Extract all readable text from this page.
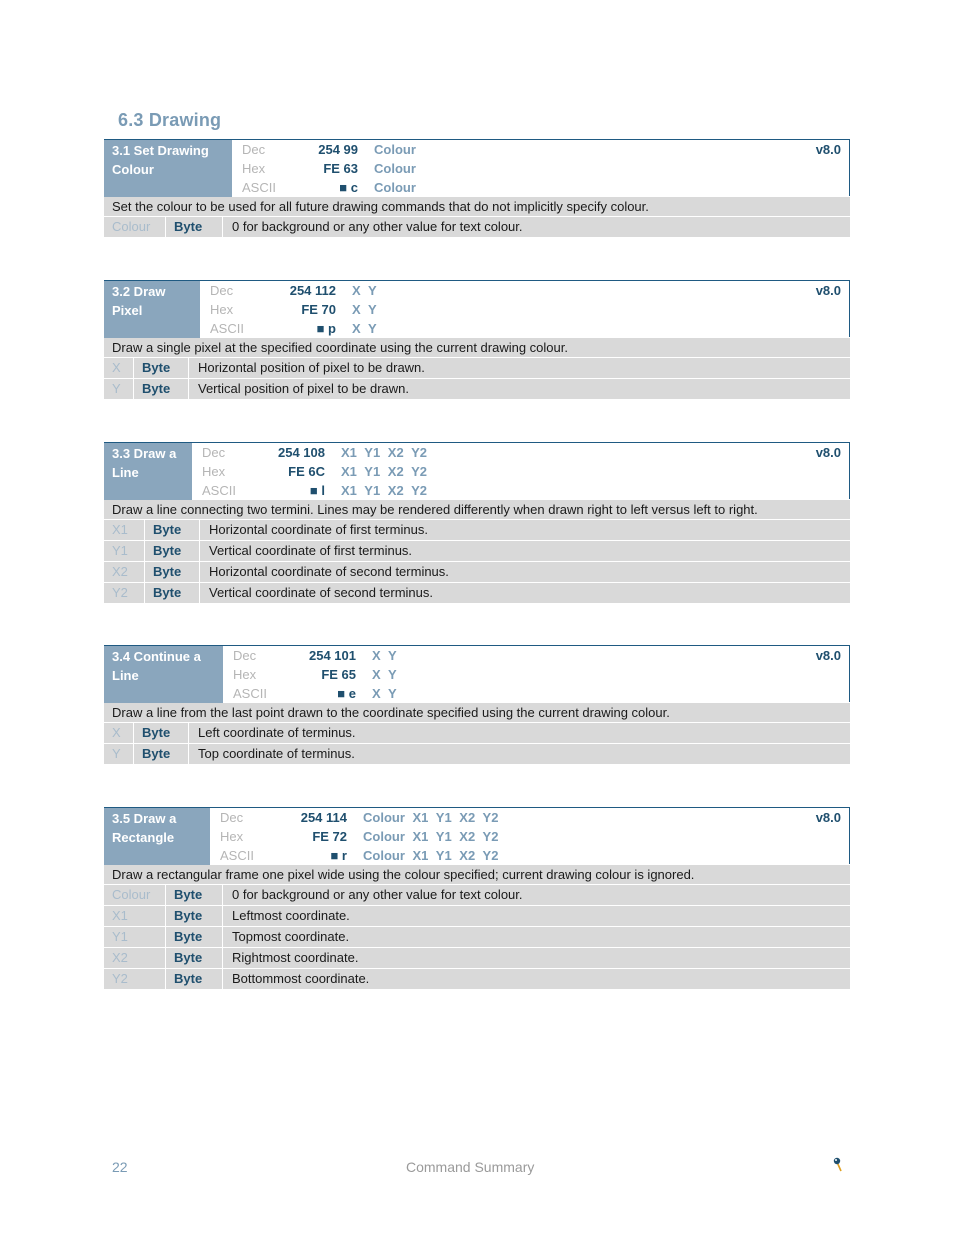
6.3 Drawing
3.1 Set Drawing
Colour
Dec	254 99	Colour
Hex	FE 63	Colour
ASCII	■ c	Colour
v8.0
Set the colour to be used for all future drawing commands that do not implicitly specify colour.
Colour	Byte	0 for background or any other value for text colour.
3.2 Draw
Pixel
Dec	254 112	X Y
Hex	FE 70	X Y
ASCII	■ p	X Y
v8.0
Draw a single pixel at the specified coordinate using the current drawing colour.
X	Byte	Horizontal position of pixel to be drawn.
Y	Byte	Vertical position of pixel to be drawn.
3.3 Draw a
Line
Dec	254 108	X1 Y1 X2 Y2
Hex	FE 6C	X1 Y1 X2 Y2
ASCII	■ l	X1 Y1 X2 Y2
v8.0
Draw a line connecting two termini. Lines may be rendered differently when drawn right to left versus left to right.
X1	Byte	Horizontal coordinate of first terminus.
Y1	Byte	Vertical coordinate of first terminus.
X2	Byte	Horizontal coordinate of second terminus.
Y2	Byte	Vertical coordinate of second terminus.
3.4 Continue a
Line
Dec	254 101	X Y
Hex	FE 65	X Y
ASCII	■ e	X Y
v8.0
Draw a line from the last point drawn to the coordinate specified using the current drawing colour.
X	Byte	Left coordinate of terminus.
Y	Byte	Top coordinate of terminus.
3.5 Draw a
Rectangle
Dec	254 114	Colour X1 Y1 X2 Y2
Hex	FE 72	Colour X1 Y1 X2 Y2
ASCII	■ r	Colour X1 Y1 X2 Y2
v8.0
Draw a rectangular frame one pixel wide using the colour specified; current drawing colour is ignored.
Colour	Byte	0 for background or any other value for text colour.
X1	Byte	Leftmost coordinate.
Y1	Byte	Topmost coordinate.
X2	Byte	Rightmost coordinate.
Y2	Byte	Bottommost coordinate.
22	Command Summary
